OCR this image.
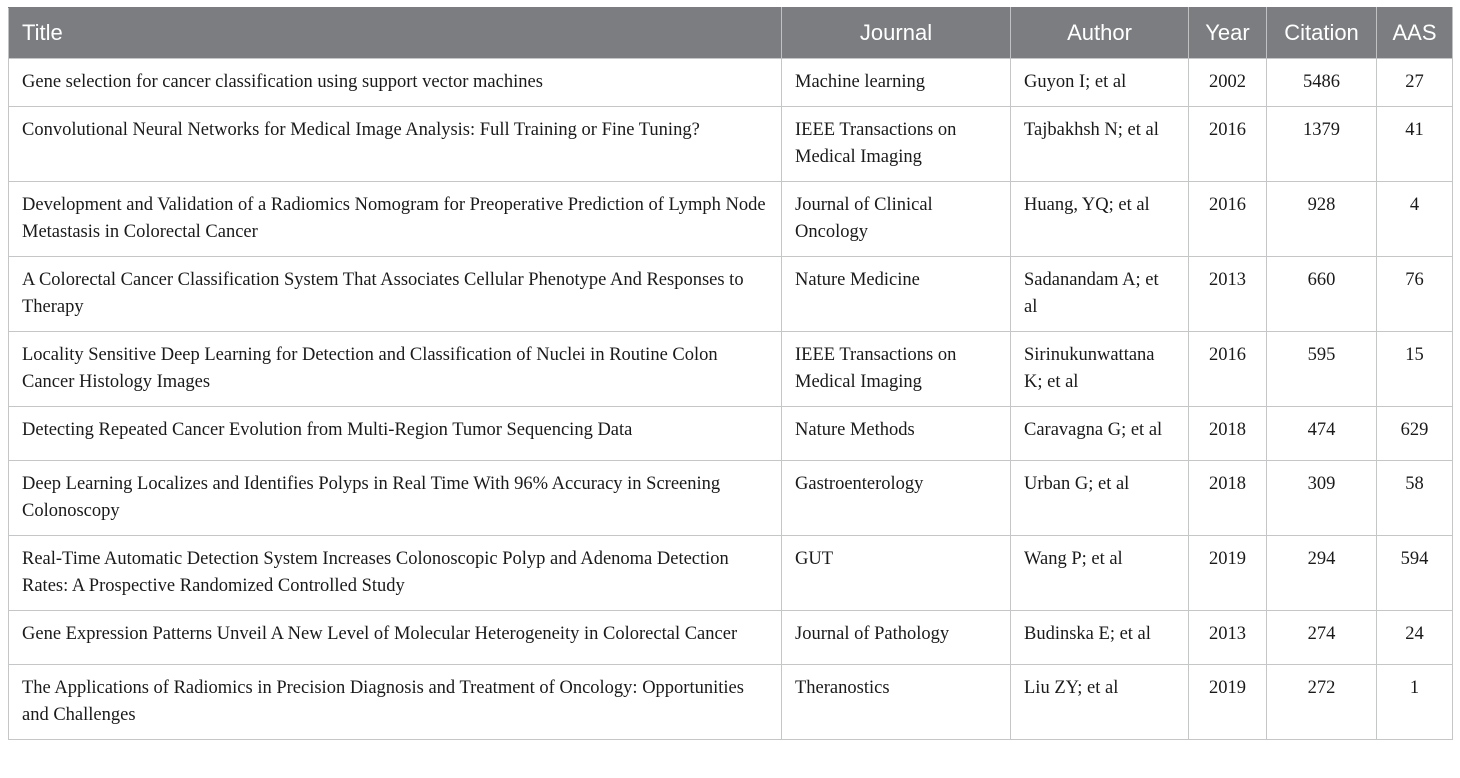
Title	Journal	Author	Year	Citation	AAS
Gene selection for cancer classification using support vector machines	Machine learning	Guyon I; et al	2002	5486	27
Convolutional Neural Networks for Medical Image Analysis: Full Training or Fine Tuning?	IEEE Transactions on Medical Imaging	Tajbakhsh N; et al	2016	1379	41
Development and Validation of a Radiomics Nomogram for Preoperative Prediction of Lymph Node Metastasis in Colorectal Cancer	Journal of Clinical Oncology	Huang, YQ; et al	2016	928	4
A Colorectal Cancer Classification System That Associates Cellular Phenotype And Responses to Therapy	Nature Medicine	Sadanandam A; et al	2013	660	76
Locality Sensitive Deep Learning for Detection and Classification of Nuclei in Routine Colon Cancer Histology Images	IEEE Transactions on Medical Imaging	Sirinukunwattana K; et al	2016	595	15
Detecting Repeated Cancer Evolution from Multi-Region Tumor Sequencing Data	Nature Methods	Caravagna G; et al	2018	474	629
Deep Learning Localizes and Identifies Polyps in Real Time With 96% Accuracy in Screening Colonoscopy	Gastroenterology	Urban G; et al	2018	309	58
Real-Time Automatic Detection System Increases Colonoscopic Polyp and Adenoma Detection Rates: A Prospective Randomized Controlled Study	GUT	Wang P; et al	2019	294	594
Gene Expression Patterns Unveil A New Level of Molecular Heterogeneity in Colorectal Cancer	Journal of Pathology	Budinska E; et al	2013	274	24
The Applications of Radiomics in Precision Diagnosis and Treatment of Oncology: Opportunities and Challenges	Theranostics	Liu ZY; et al	2019	272	1
